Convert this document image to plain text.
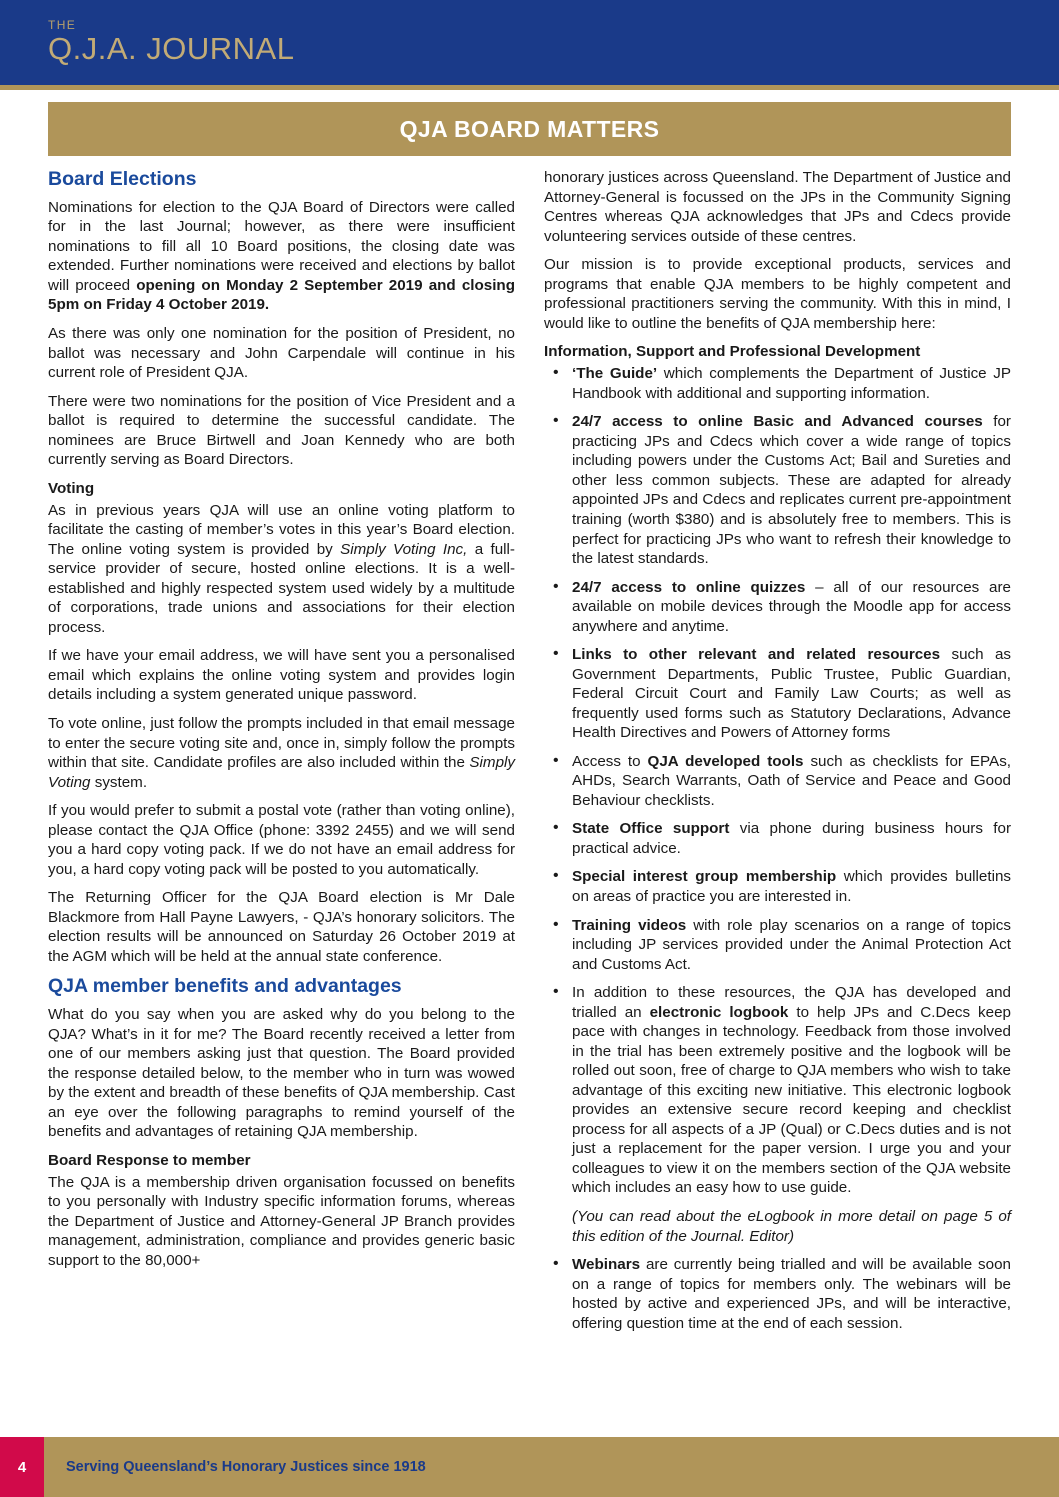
THE
Q.J.A. JOURNAL
QJA BOARD MATTERS
Board Elections

Nominations for election to the QJA Board of Directors were called for in the last Journal; however, as there were insufficient nominations to fill all 10 Board positions, the closing date was extended. Further nominations were received and elections by ballot will proceed opening on Monday 2 September 2019 and closing 5pm on Friday 4 October 2019.

As there was only one nomination for the position of President, no ballot was necessary and John Carpendale will continue in his current role of President QJA.

There were two nominations for the position of Vice President and a ballot is required to determine the successful candidate. The nominees are Bruce Birtwell and Joan Kennedy who are both currently serving as Board Directors.

Voting

As in previous years QJA will use an online voting platform to facilitate the casting of member’s votes in this year’s Board election. The online voting system is provided by Simply Voting Inc, a full-service provider of secure, hosted online elections. It is a well-established and highly respected system used widely by a multitude of corporations, trade unions and associations for their election process.

If we have your email address, we will have sent you a personalised email which explains the online voting system and provides login details including a system generated unique password.

To vote online, just follow the prompts included in that email message to enter the secure voting site and, once in, simply follow the prompts within that site. Candidate profiles are also included within the Simply Voting system.

If you would prefer to submit a postal vote (rather than voting online), please contact the QJA Office (phone: 3392 2455) and we will send you a hard copy voting pack. If we do not have an email address for you, a hard copy voting pack will be posted to you automatically.

The Returning Officer for the QJA Board election is Mr Dale Blackmore from Hall Payne Lawyers, - QJA’s honorary solicitors. The election results will be announced on Saturday 26 October 2019 at the AGM which will be held at the annual state conference.

QJA member benefits and advantages

What do you say when you are asked why do you belong to the QJA? What’s in it for me? The Board recently received a letter from one of our members asking just that question. The Board provided the response detailed below, to the member who in turn was wowed by the extent and breadth of these benefits of QJA membership. Cast an eye over the following paragraphs to remind yourself of the benefits and advantages of retaining QJA membership.

Board Response to member

The QJA is a membership driven organisation focussed on benefits to you personally with Industry specific information forums, whereas the Department of Justice and Attorney-General JP Branch provides management, administration, compliance and provides generic basic support to the 80,000+

honorary justices across Queensland. The Department of Justice and Attorney-General is focussed on the JPs in the Community Signing Centres whereas QJA acknowledges that JPs and Cdecs provide volunteering services outside of these centres.

Our mission is to provide exceptional products, services and programs that enable QJA members to be highly competent and professional practitioners serving the community. With this in mind, I would like to outline the benefits of QJA membership here:

Information, Support and Professional Development
• ‘The Guide’ which complements the Department of Justice JP Handbook with additional and supporting information.
• 24/7 access to online Basic and Advanced courses for practicing JPs and Cdecs which cover a wide range of topics including powers under the Customs Act; Bail and Sureties and other less common subjects. These are adapted for already appointed JPs and Cdecs and replicates current pre-appointment training (worth $380) and is absolutely free to members. This is perfect for practicing JPs who want to refresh their knowledge to the latest standards.
• 24/7 access to online quizzes – all of our resources are available on mobile devices through the Moodle app for access anywhere and anytime.
• Links to other relevant and related resources such as Government Departments, Public Trustee, Public Guardian, Federal Circuit Court and Family Law Courts; as well as frequently used forms such as Statutory Declarations, Advance Health Directives and Powers of Attorney forms
• Access to QJA developed tools such as checklists for EPAs, AHDs, Search Warrants, Oath of Service and Peace and Good Behaviour checklists.
• State Office support via phone during business hours for practical advice.
• Special interest group membership which provides bulletins on areas of practice you are interested in.
• Training videos with role play scenarios on a range of topics including JP services provided under the Animal Protection Act and Customs Act.
• In addition to these resources, the QJA has developed and trialled an electronic logbook to help JPs and C.Decs keep pace with changes in technology. Feedback from those involved in the trial has been extremely positive and the logbook will be rolled out soon, free of charge to QJA members who wish to take advantage of this exciting new initiative. This electronic logbook provides an extensive secure record keeping and checklist process for all aspects of a JP (Qual) or C.Decs duties and is not just a replacement for the paper version. I urge you and your colleagues to view it on the members section of the QJA website which includes an easy how to use guide.
(You can read about the eLogbook in more detail on page 5 of this edition of the Journal. Editor)
• Webinars are currently being trialled and will be available soon on a range of topics for members only. The webinars will be hosted by active and experienced JPs, and will be interactive, offering question time at the end of each session.
4	Serving Queensland’s Honorary Justices since 1918
